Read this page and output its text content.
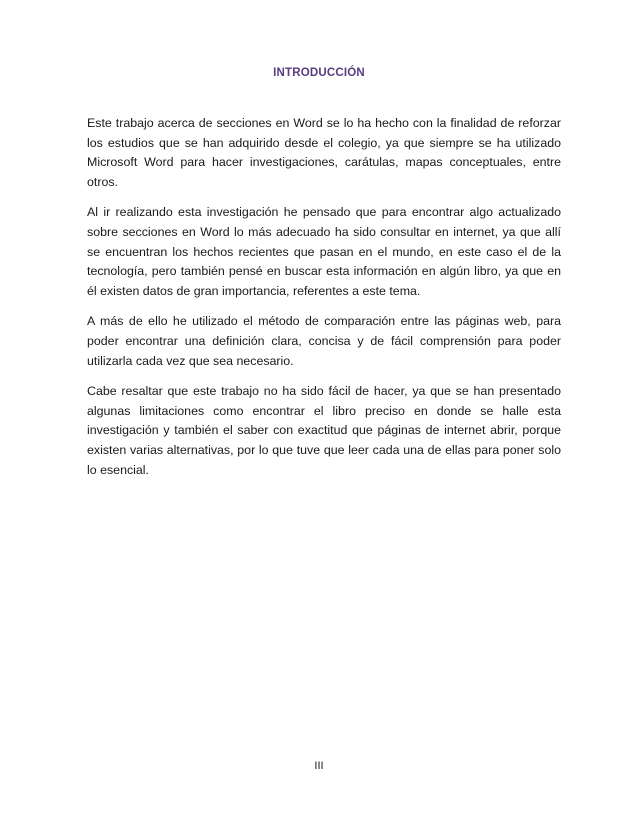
INTRODUCCIÓN

Este trabajo acerca de secciones en Word se lo ha hecho con la finalidad de reforzar los estudios que se han adquirido desde el colegio, ya que siempre se ha utilizado Microsoft Word para hacer investigaciones, carátulas, mapas conceptuales, entre otros.

Al ir realizando esta investigación he pensado que para encontrar algo actualizado sobre secciones en Word lo más adecuado ha sido consultar en internet, ya que allí se encuentran los hechos recientes que pasan en el mundo, en este caso el de la tecnología, pero también pensé en buscar esta información en algún libro, ya que en él existen datos de gran importancia, referentes a este tema.

A más de ello he utilizado el método de comparación entre las páginas web, para poder encontrar una definición clara, concisa y de fácil comprensión para poder utilizarla cada vez que sea necesario.

Cabe resaltar que este trabajo no ha sido fácil de hacer, ya que se han presentado algunas limitaciones como encontrar el libro preciso en donde se halle esta investigación y también el saber con exactitud que páginas de internet abrir, porque existen varias alternativas, por lo que tuve que leer cada una de ellas para poner solo lo esencial.

III
